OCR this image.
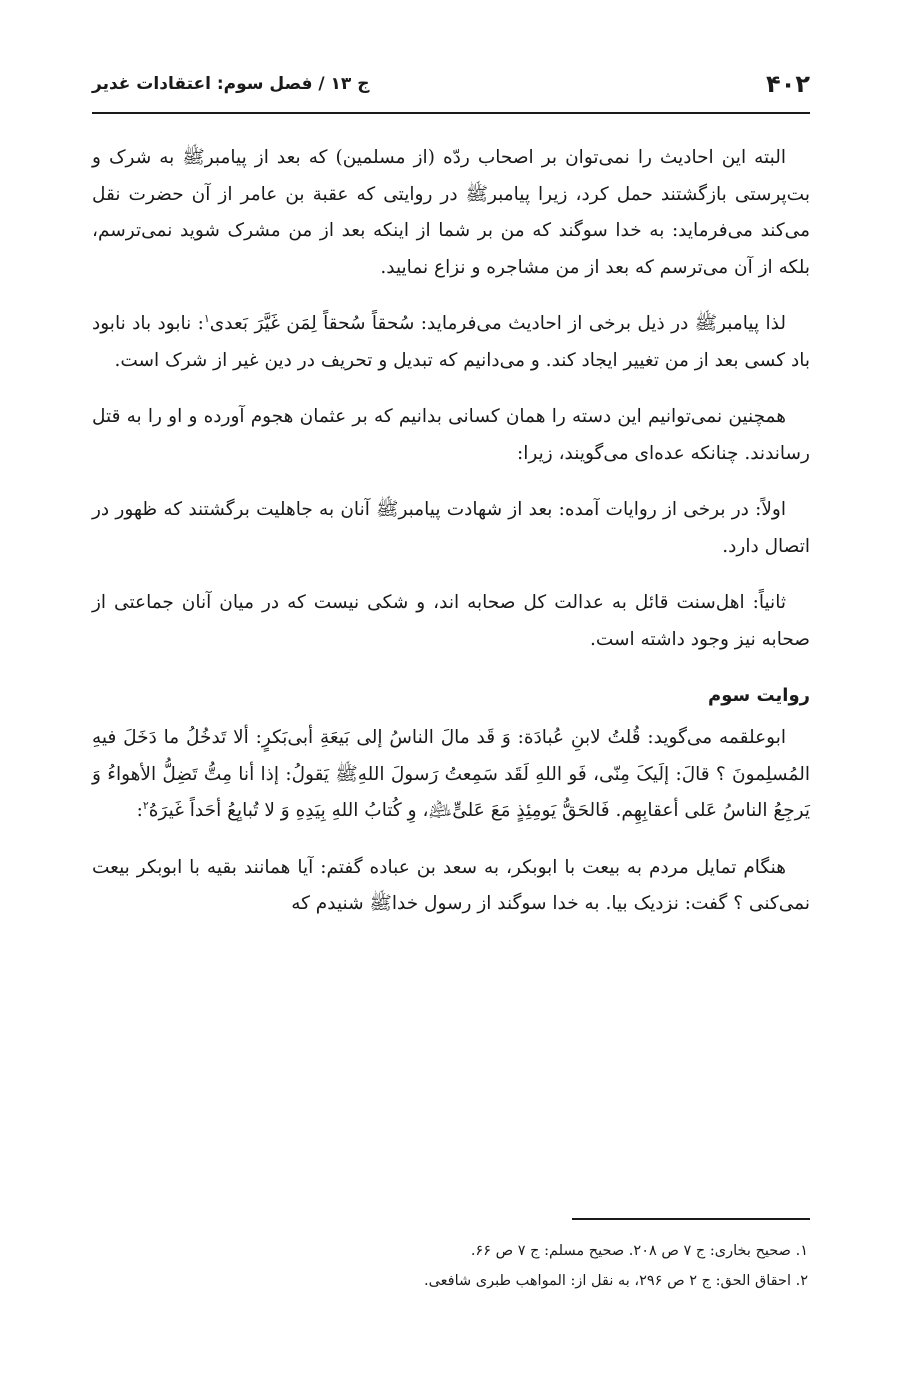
۴۰۲
ج ۱۳ / فصل سوم: اعتقادات غدیر

البته این احادیث را نمی‌توان بر اصحاب ردّه (از مسلمین) که بعد از پیامبرﷺ به شرک و بت‌پرستی بازگشتند حمل کرد، زیرا پیامبرﷺ در روایتی که عقبة بن عامر از آن حضرت نقل می‌کند می‌فرماید: به خدا سوگند که من بر شما از اینکه بعد از من مشرک شوید نمی‌ترسم، بلکه از آن می‌ترسم که بعد از من مشاجره و نزاع نمایید.

لذا پیامبرﷺ در ذیل برخی از احادیث می‌فرماید: سُحقاً سُحقاً لِمَن غَیَّرَ بَعدی$^۱$: نابود باد نابود باد کسی بعد از من تغییر ایجاد کند. و می‌دانیم که تبدیل و تحریف در دین غیر از شرک است.

همچنین نمی‌توانیم این دسته را همان کسانی بدانیم که بر عثمان هجوم آورده و او را به قتل رساندند. چنانکه عده‌ای می‌گویند، زیرا:

اولاً: در برخی از روایات آمده: بعد از شهادت پیامبرﷺ آنان به جاهلیت برگشتند که ظهور در اتصال دارد.

ثانیاً: اهل‌سنت قائل به عدالت کل صحابه اند، و شکی نیست که در میان آنان جماعتی از صحابه نیز وجود داشته است.

روایت سوم

ابوعلقمه می‌گوید: قُلتُ لابنِ عُبادَة: وَ قَد مالَ الناسُ إلی بَیعَةِ أبی‌بَکرٍ: ألا تَدخُلُ ما دَخَلَ فیهِ المُسلِمونَ ؟ قالَ: إلَیکَ مِنّی، فَو اللهِ لَقَد سَمِعتُ رَسولَ اللهِﷺ یَقولُ: إذا أنا مِتُّ تَضِلُّ الأهواءُ وَ یَرجِعُ الناسُ عَلی أعقابِهِم. فَالحَقُّ یَومِئِذٍ مَعَ عَلیٍّ﵇، وِ کُتابُ اللهِ بِیَدِهِ وَ لا تُبایِعُ أحَداً غَیرَهُ$^۲$:

هنگام تمایل مردم به بیعت با ابوبکر، به سعد بن عباده گفتم: آیا همانند بقیه با ابوبکر بیعت نمی‌کنی ؟ گفت: نزدیک بیا. به خدا سوگند از رسول خداﷺ شنیدم که

۱. صحیح بخاری: ج ۷ ص ۲۰۸. صحیح مسلم: ج ۷ ص ۶۶.

۲. احقاق الحق: ج ۲ ص ۲۹۶، به نقل از: المواهب طبری شافعی.
